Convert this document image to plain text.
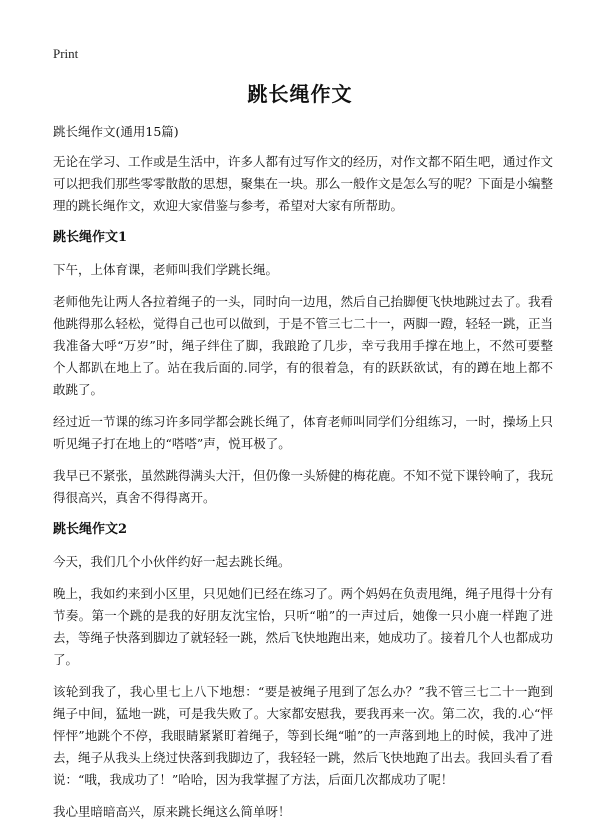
Print
跳长绳作文

跳长绳作文(通用15篇)

无论在学习、工作或是生活中，许多人都有过写作文的经历，对作文都不陌生吧，通过作文可以把我们那些零零散散的思想，聚集在一块。那么一般作文是怎么写的呢？下面是小编整理的跳长绳作文，欢迎大家借鉴与参考，希望对大家有所帮助。

跳长绳作文1

下午，上体育课，老师叫我们学跳长绳。

老师他先让两人各拉着绳子的一头，同时向一边甩，然后自己抬脚便飞快地跳过去了。我看他跳得那么轻松，觉得自己也可以做到，于是不管三七二十一，两脚一蹬，轻轻一跳，正当我准备大呼“万岁”时，绳子绊住了脚，我踉跄了几步，幸亏我用手撑在地上，不然可要整个人都趴在地上了。站在我后面的.同学，有的很着急，有的跃跃欲试，有的蹲在地上都不敢跳了。

经过近一节课的练习许多同学都会跳长绳了，体育老师叫同学们分组练习，一时，操场上只听见绳子打在地上的“嗒嗒”声，悦耳极了。

我早已不紧张，虽然跳得满头大汗，但仍像一头矫健的梅花鹿。不知不觉下课铃响了，我玩得很高兴，真舍不得得离开。

跳长绳作文2

今天，我们几个小伙伴约好一起去跳长绳。

晚上，我如约来到小区里，只见她们已经在练习了。两个妈妈在负责甩绳，绳子甩得十分有节奏。第一个跳的是我的好朋友沈宝怡，只听“啪”的一声过后，她像一只小鹿一样跑了进去，等绳子快落到脚边了就轻轻一跳，然后飞快地跑出来，她成功了。接着几个人也都成功了。

该轮到我了，我心里七上八下地想：“要是被绳子甩到了怎么办？”我不管三七二十一跑到绳子中间，猛地一跳，可是我失败了。大家都安慰我，要我再来一次。第二次，我的.心“怦怦怦”地跳个不停，我眼睛紧紧盯着绳子，等到长绳“啪”的一声落到地上的时候，我冲了进去，绳子从我头上绕过快落到我脚边了，我轻轻一跳，然后飞快地跑了出去。我回头看了看说：“哦，我成功了！”哈哈，因为我掌握了方法，后面几次都成功了呢！

我心里暗暗高兴，原来跳长绳这么简单呀！
